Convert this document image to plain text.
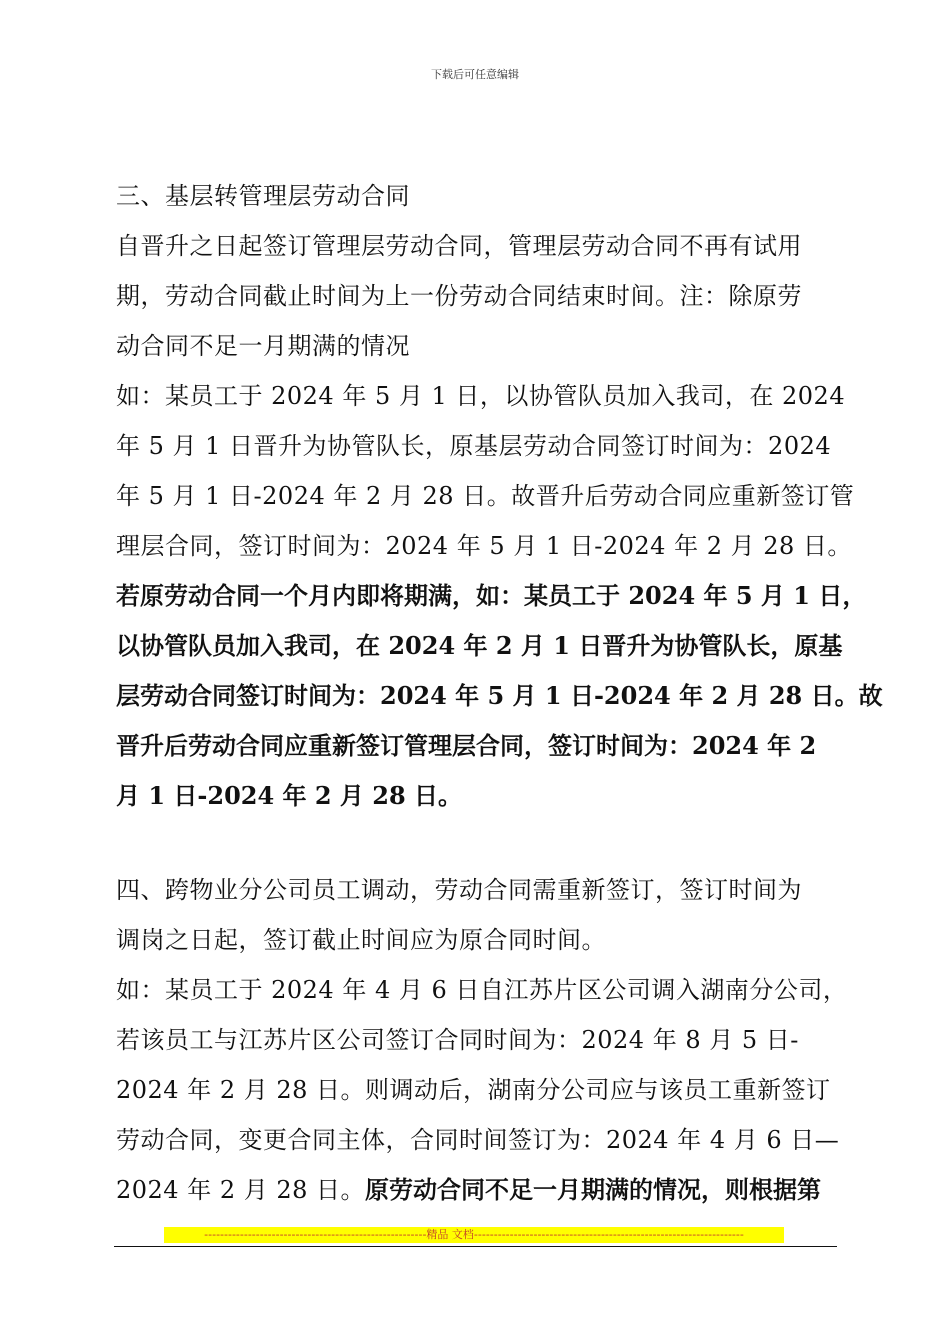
下载后可任意编辑
三、基层转管理层劳动合同
自晋升之日起签订管理层劳动合同，管理层劳动合同不再有试用
期，劳动合同截止时间为上一份劳动合同结束时间。注：除原劳
动合同不足一月期满的情况
如：某员工于 2024 年 5 月 1 日，以协管队员加入我司，在 2024
年 5 月 1 日晋升为协管队长，原基层劳动合同签订时间为：2024
年 5 月 1 日-2024 年 2 月 28 日。故晋升后劳动合同应重新签订管
理层合同，签订时间为：2024 年 5 月 1 日-2024 年 2 月 28 日。
若原劳动合同一个月内即将期满，如：某员工于 2024 年 5 月 1 日，
以协管队员加入我司，在 2024 年 2 月 1 日晋升为协管队长，原基
层劳动合同签订时间为：2024 年 5 月 1 日-2024 年 2 月 28 日。故
晋升后劳动合同应重新签订管理层合同，签订时间为：2024 年 2
月 1 日-2024 年 2 月 28 日。
四、跨物业分公司员工调动，劳动合同需重新签订，签订时间为
调岗之日起，签订截止时间应为原合同时间。
如：某员工于 2024 年 4 月 6 日自江苏片区公司调入湖南分公司，
若该员工与江苏片区公司签订合同时间为：2024 年 8 月 5 日-
2024 年 2 月 28 日。则调动后，湖南分公司应与该员工重新签订
劳动合同，变更合同主体，合同时间签订为：2024 年 4 月 6 日—
2024 年 2 月 28 日。原劳动合同不足一月期满的情况，则根据第
--------------------------------------------------------精品 文档--------------------------------------------------------------------
